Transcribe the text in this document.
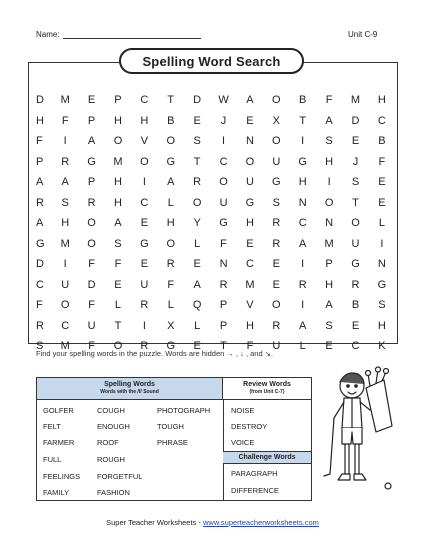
Name:	Unit C-9
Spelling Word Search
D	M	E	P	C	T	D	W	A	O	B	F	M	H
H	F	P	H	H	B	E	J	E	X	T	A	D	C
F	I	A	O	V	O	S	I	N	O	I	S	E	B
P	R	G	M	O	G	T	C	O	U	G	H	J	F
A	A	P	H	I	A	R	O	U	G	H	I	S	E
R	S	R	H	C	L	O	U	G	S	N	O	T	E
A	H	O	A	E	H	Y	G	H	R	C	N	O	L
G	M	O	S	G	O	L	F	E	R	A	M	U	I
D	I	F	F	E	R	E	N	C	E	I	P	G	N
C	U	D	E	U	F	A	R	M	E	R	H	R	G
F	O	F	L	R	L	Q	P	V	O	I	A	B	S
R	C	U	T	I	X	L	P	H	R	A	S	E	H
S	M	F	O	R	G	E	T	F	U	L	E	C	K
Find your spelling words in the puzzle. Words are hidden → , ↓ , and ↘.
Spelling Words
Words with the /f/ Sound
Review Words
(from Unit C-7)
GOLFER
FELT
FARMER
FULL
FEELINGS
FAMILY
COUGH
ENOUGH
ROOF
ROUGH
FORGETFUL
FASHION
PHOTOGRAPH
TOUGH
PHRASE
NOISE
DESTROY
VOICE
Challenge Words
PARAGRAPH
DIFFERENCE
Super Teacher Worksheets - www.superteacherworksheets.com
